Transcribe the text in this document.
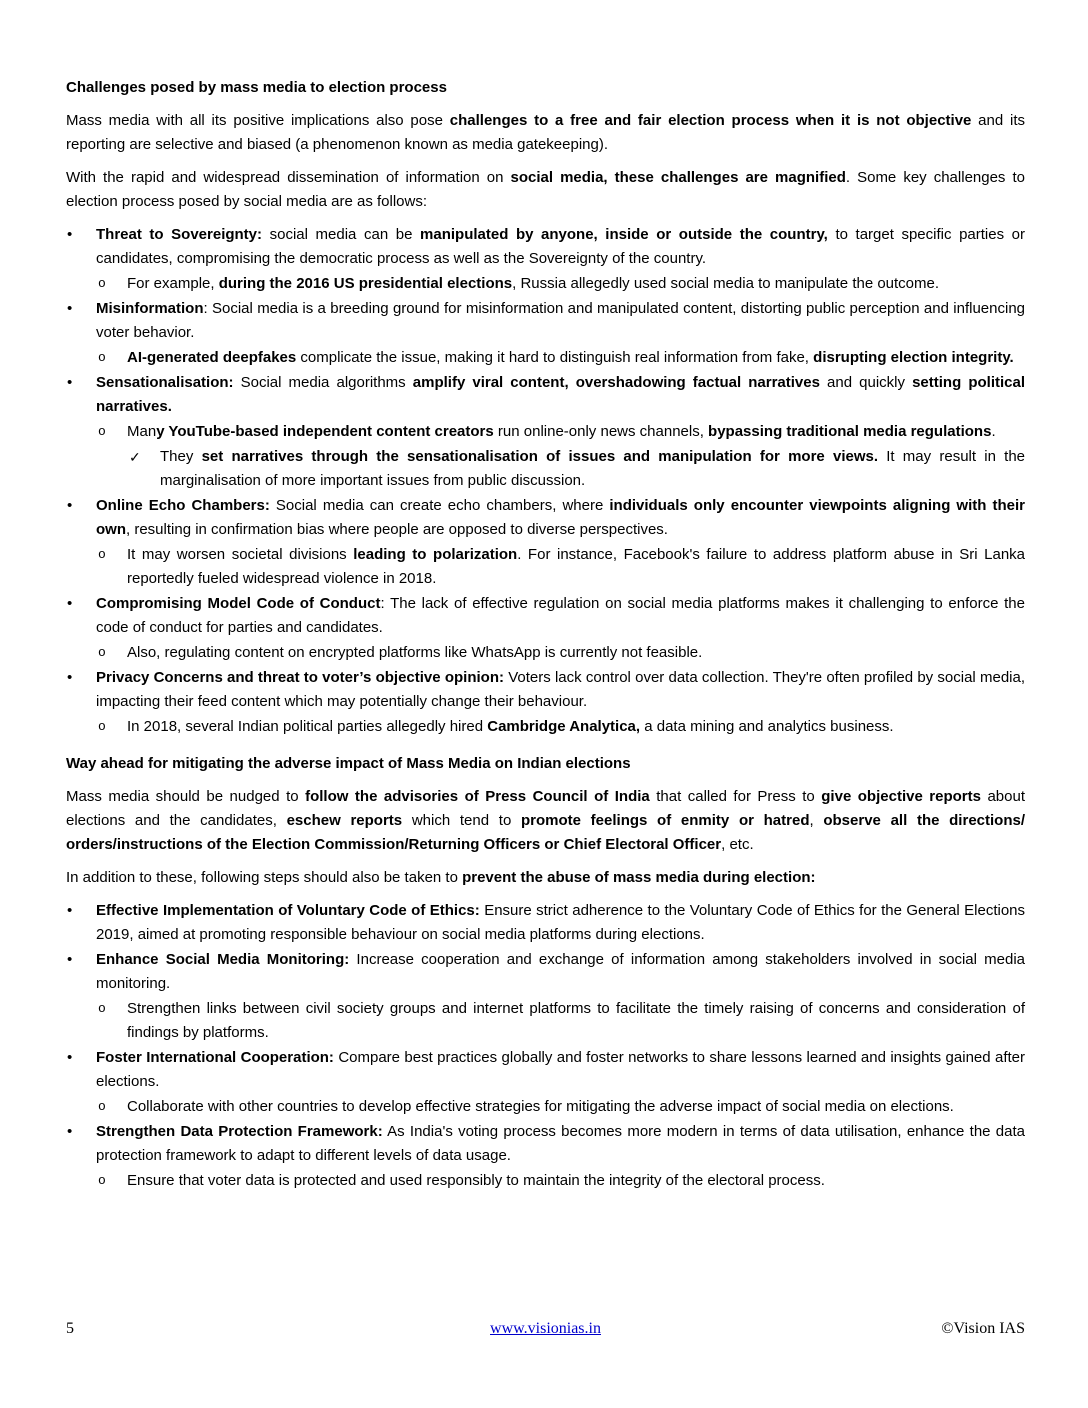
Challenges posed by mass media to election process
Mass media with all its positive implications also pose challenges to a free and fair election process when it is not objective and its reporting are selective and biased (a phenomenon known as media gatekeeping).
With the rapid and widespread dissemination of information on social media, these challenges are magnified. Some key challenges to election process posed by social media are as follows:
• Threat to Sovereignty: social media can be manipulated by anyone, inside or outside the country, to target specific parties or candidates, compromising the democratic process as well as the Sovereignty of the country.
o For example, during the 2016 US presidential elections, Russia allegedly used social media to manipulate the outcome.
• Misinformation: Social media is a breeding ground for misinformation and manipulated content, distorting public perception and influencing voter behavior.
o AI-generated deepfakes complicate the issue, making it hard to distinguish real information from fake, disrupting election integrity.
• Sensationalisation: Social media algorithms amplify viral content, overshadowing factual narratives and quickly setting political narratives.
o Many YouTube-based independent content creators run online-only news channels, bypassing traditional media regulations.
✓ They set narratives through the sensationalisation of issues and manipulation for more views. It may result in the marginalisation of more important issues from public discussion.
• Online Echo Chambers: Social media can create echo chambers, where individuals only encounter viewpoints aligning with their own, resulting in confirmation bias where people are opposed to diverse perspectives.
o It may worsen societal divisions leading to polarization. For instance, Facebook's failure to address platform abuse in Sri Lanka reportedly fueled widespread violence in 2018.
• Compromising Model Code of Conduct: The lack of effective regulation on social media platforms makes it challenging to enforce the code of conduct for parties and candidates.
o Also, regulating content on encrypted platforms like WhatsApp is currently not feasible.
• Privacy Concerns and threat to voter’s objective opinion: Voters lack control over data collection. They're often profiled by social media, impacting their feed content which may potentially change their behaviour.
o In 2018, several Indian political parties allegedly hired Cambridge Analytica, a data mining and analytics business.
Way ahead for mitigating the adverse impact of Mass Media on Indian elections
Mass media should be nudged to follow the advisories of Press Council of India that called for Press to give objective reports about elections and the candidates, eschew reports which tend to promote feelings of enmity or hatred, observe all the directions/ orders/instructions of the Election Commission/Returning Officers or Chief Electoral Officer, etc.
In addition to these, following steps should also be taken to prevent the abuse of mass media during election:
• Effective Implementation of Voluntary Code of Ethics: Ensure strict adherence to the Voluntary Code of Ethics for the General Elections 2019, aimed at promoting responsible behaviour on social media platforms during elections.
• Enhance Social Media Monitoring: Increase cooperation and exchange of information among stakeholders involved in social media monitoring.
o Strengthen links between civil society groups and internet platforms to facilitate the timely raising of concerns and consideration of findings by platforms.
• Foster International Cooperation: Compare best practices globally and foster networks to share lessons learned and insights gained after elections.
o Collaborate with other countries to develop effective strategies for mitigating the adverse impact of social media on elections.
• Strengthen Data Protection Framework: As India's voting process becomes more modern in terms of data utilisation, enhance the data protection framework to adapt to different levels of data usage.
o Ensure that voter data is protected and used responsibly to maintain the integrity of the electoral process.
5	www.visionias.in	©Vision IAS
